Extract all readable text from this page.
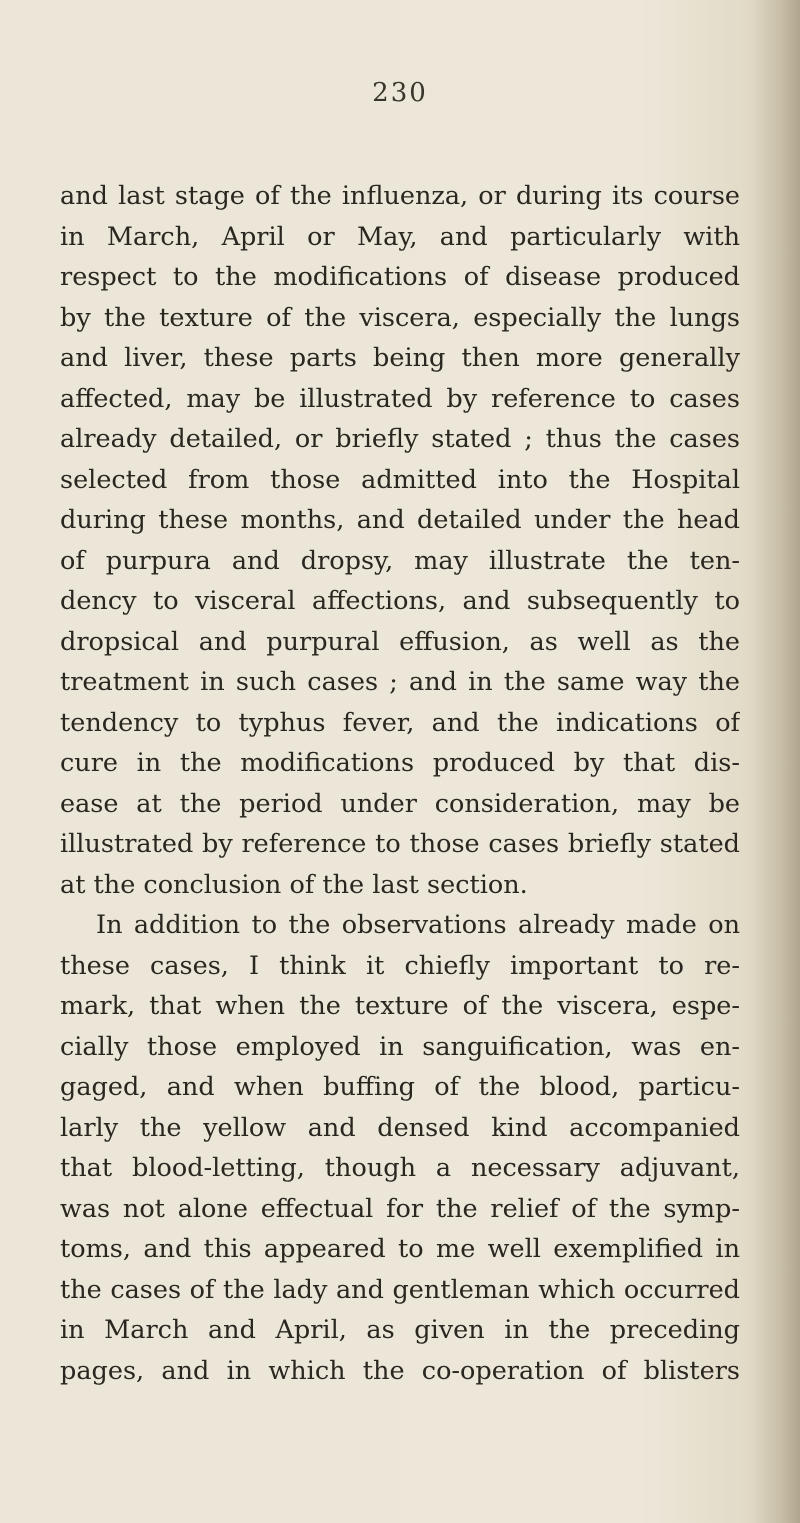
230
and last stage of the influenza, or during its course
in March, April or May, and particularly with
respect to the modifications of disease produced
by the texture of the viscera, especially the lungs
and liver, these parts being then more generally
affected, may be illustrated by reference to cases
already detailed, or briefly stated ; thus the cases
selected from those admitted into the Hospital
during these months, and detailed under the head
of purpura and dropsy, may illustrate the ten-
dency to visceral affections, and subsequently to
dropsical and purpural effusion, as well as the
treatment in such cases ; and in the same way the
tendency to typhus fever, and the indications of
cure in the modifications produced by that dis-
ease at the period under consideration, may be
illustrated by reference to those cases briefly stated
at the conclusion of the last section.
In addition to the observations already made on
these cases, I think it chiefly important to re-
mark, that when the texture of the viscera, espe-
cially those employed in sanguification, was en-
gaged, and when buffing of the blood, particu-
larly the yellow and densed kind accompanied
that blood-letting, though a necessary adjuvant,
was not alone effectual for the relief of the symp-
toms, and this appeared to me well exemplified in
the cases of the lady and gentleman which occurred
in March and April, as given in the preceding
pages, and in which the co-operation of blisters
